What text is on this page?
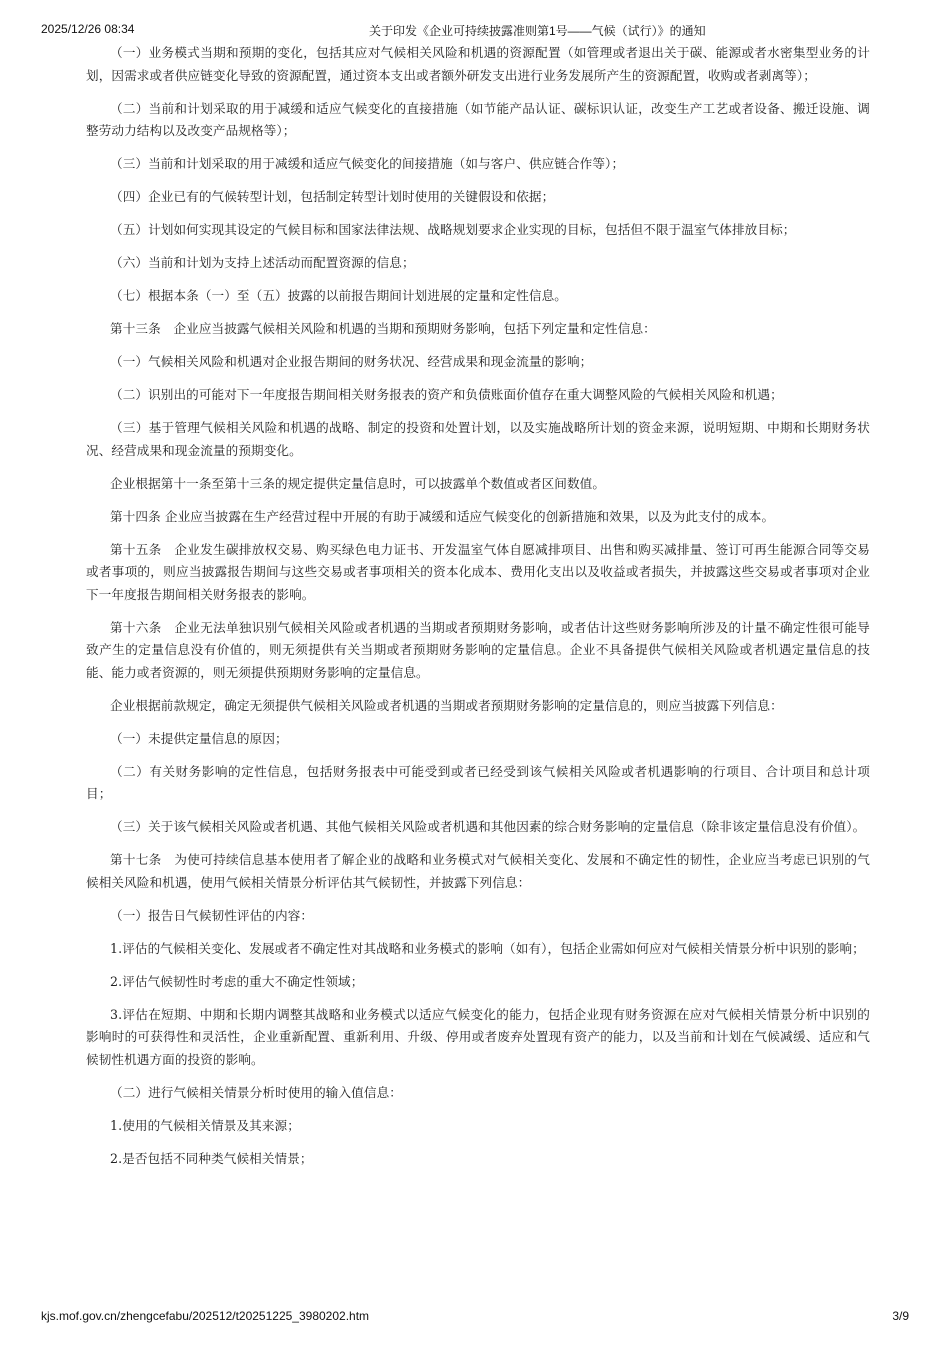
2025/12/26 08:34	关于印发《企业可持续披露准则第1号——气候（试行）》的通知

（一）业务模式当期和预期的变化，包括其应对气候相关风险和机遇的资源配置（如管理或者退出关于碳、能源或者水密集型业务的计划，因需求或者供应链变化导致的资源配置，通过资本支出或者额外研发支出进行业务发展所产生的资源配置，收购或者剥离等）；

（二）当前和计划采取的用于减缓和适应气候变化的直接措施（如节能产品认证、碳标识认证，改变生产工艺或者设备、搬迁设施、调整劳动力结构以及改变产品规格等）；

（三）当前和计划采取的用于减缓和适应气候变化的间接措施（如与客户、供应链合作等）；

（四）企业已有的气候转型计划，包括制定转型计划时使用的关键假设和依据；

（五）计划如何实现其设定的气候目标和国家法律法规、战略规划要求企业实现的目标，包括但不限于温室气体排放目标；

（六）当前和计划为支持上述活动而配置资源的信息；

（七）根据本条（一）至（五）披露的以前报告期间计划进展的定量和定性信息。

第十三条　企业应当披露气候相关风险和机遇的当期和预期财务影响，包括下列定量和定性信息：

（一）气候相关风险和机遇对企业报告期间的财务状况、经营成果和现金流量的影响；

（二）识别出的可能对下一年度报告期间相关财务报表的资产和负债账面价值存在重大调整风险的气候相关风险和机遇；

（三）基于管理气候相关风险和机遇的战略、制定的投资和处置计划，以及实施战略所计划的资金来源，说明短期、中期和长期财务状况、经营成果和现金流量的预期变化。

企业根据第十一条至第十三条的规定提供定量信息时，可以披露单个数值或者区间数值。

第十四条 企业应当披露在生产经营过程中开展的有助于减缓和适应气候变化的创新措施和效果，以及为此支付的成本。

第十五条　企业发生碳排放权交易、购买绿色电力证书、开发温室气体自愿减排项目、出售和购买减排量、签订可再生能源合同等交易或者事项的，则应当披露报告期间与这些交易或者事项相关的资本化成本、费用化支出以及收益或者损失，并披露这些交易或者事项对企业下一年度报告期间相关财务报表的影响。

第十六条　企业无法单独识别气候相关风险或者机遇的当期或者预期财务影响，或者估计这些财务影响所涉及的计量不确定性很可能导致产生的定量信息没有价值的，则无须提供有关当期或者预期财务影响的定量信息。企业不具备提供气候相关风险或者机遇定量信息的技能、能力或者资源的，则无须提供预期财务影响的定量信息。

企业根据前款规定，确定无须提供气候相关风险或者机遇的当期或者预期财务影响的定量信息的，则应当披露下列信息：

（一）未提供定量信息的原因；

（二）有关财务影响的定性信息，包括财务报表中可能受到或者已经受到该气候相关风险或者机遇影响的行项目、合计项目和总计项目；

（三）关于该气候相关风险或者机遇、其他气候相关风险或者机遇和其他因素的综合财务影响的定量信息（除非该定量信息没有价值）。

第十七条　为使可持续信息基本使用者了解企业的战略和业务模式对气候相关变化、发展和不确定性的韧性，企业应当考虑已识别的气候相关风险和机遇，使用气候相关情景分析评估其气候韧性，并披露下列信息：

（一）报告日气候韧性评估的内容：

1.评估的气候相关变化、发展或者不确定性对其战略和业务模式的影响（如有），包括企业需如何应对气候相关情景分析中识别的影响；

2.评估气候韧性时考虑的重大不确定性领域；

3.评估在短期、中期和长期内调整其战略和业务模式以适应气候变化的能力，包括企业现有财务资源在应对气候相关情景分析中识别的影响时的可获得性和灵活性，企业重新配置、重新利用、升级、停用或者废弃处置现有资产的能力，以及当前和计划在气候减缓、适应和气候韧性机遇方面的投资的影响。

（二）进行气候相关情景分析时使用的输入值信息：

1.使用的气候相关情景及其来源；

2.是否包括不同种类气候相关情景；

kjs.mof.gov.cn/zhengcefabu/202512/t20251225_3980202.htm	3/9
